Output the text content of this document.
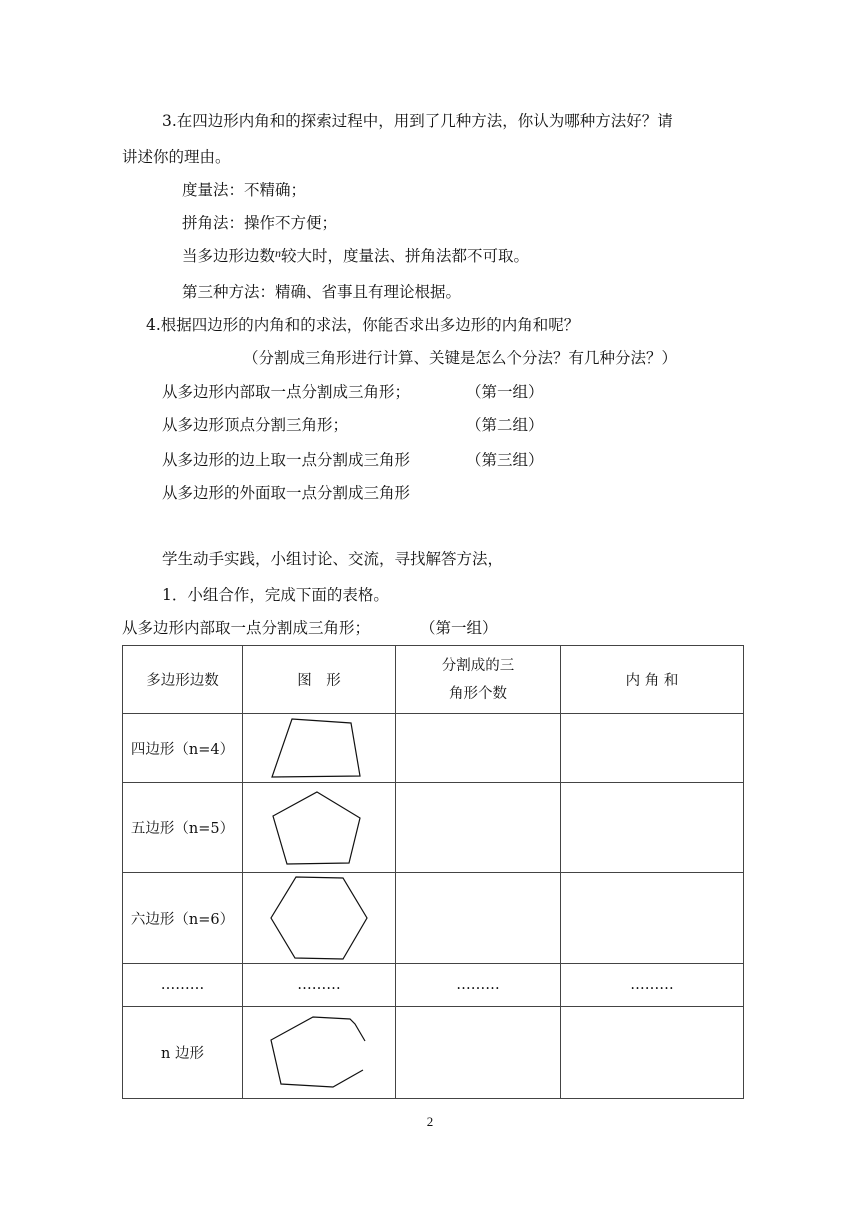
3.在四边形内角和的探索过程中，用到了几种方法，你认为哪种方法好？请
讲述你的理由。
度量法：不精确；
拼角法：操作不方便；
当多边形边数$^n$较大时，度量法、拼角法都不可取。
第三种方法：精确、省事且有理论根据。
4.根据四边形的内角和的求法，你能否求出多边形的内角和呢？
（分割成三角形进行计算、关键是怎么个分法？有几种分法？）
从多边形内部取一点分割成三角形；	（第一组）
从多边形顶点分割三角形；	（第二组）
从多边形的边上取一点分割成三角形	（第三组）
从多边形的外面取一点分割成三角形
学生动手实践，小组讨论、交流，寻找解答方法，
1．小组合作，完成下面的表格。
从多边形内部取一点分割成三角形；	（第一组）
多边形边数	图　形	分割成的三
角形个数	内 角 和
四边形（n=4）	

五边形（n=5）	

六边形（n=6）	

………	………	………	………
n 边形	

2
